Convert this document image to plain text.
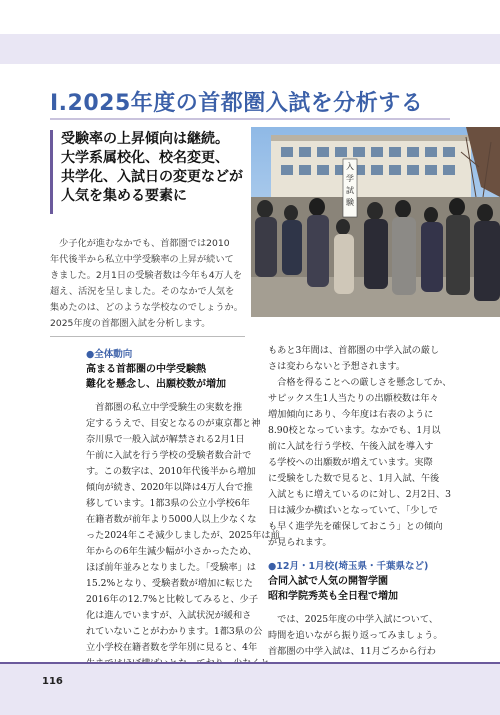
Ⅰ.2025年度の首都圏入試を分析する
受験率の上昇傾向は継続。
大学系属校化、校名変更、
共学化、入試日の変更などが
人気を集める要素に
　少子化が進むなかでも、首都圏では2010
年代後半から私立中学受験率の上昇が続いて
きました。2月1日の受験者数は今年も4万人を
超え、活況を呈しました。そのなかで人気を
集めたのは、どのような学校なのでしょうか。
2025年度の首都圏入試を分析します。
入
学
試
験
●全体動向
高まる首都圏の中学受験熱
難化を懸念し、出願校数が増加
　首都圏の私立中学受験生の実数を推
定するうえで、目安となるのが東京都と神
奈川県で一般入試が解禁される2月1日
午前に入試を行う学校の受験者数合計で
す。この数字は、2010年代後半から増加
傾向が続き、2020年以降は4万人台で推
移しています。1都3県の公立小学校6年
在籍者数が前年より5000人以上少なくな
った2024年こそ減少しましたが、2025年は前
年からの6年生減少幅が小さかったため、
ほぼ前年並みとなりました。「受験率」は
15.2%となり、受験者数が増加に転じた
2016年の12.7%と比較してみると、少子
化は進んでいますが、入試状況が緩和さ
れていないことがわかります。1都3県の公
立小学校在籍者数を学年別に見ると、4年
もあと3年間は、首都圏の中学入試の厳し
さは変わらないと予想されます。
　合格を得ることへの厳しさを懸念してか、
サピックス生1人当たりの出願校数は年々
増加傾向にあり、今年度は右表のように
8.90校となっています。なかでも、1月以
前に入試を行う学校、午後入試を導入す
る学校への出願数が増えています。実際
に受験をした数で見ると、1月入試、午後
入試ともに増えているのに対し、2月2日、3
日は減少か横ばいとなっていて、「少しで
も早く進学先を確保しておこう」との傾向
が見られます。
●12月・1月校(埼玉県・千葉県など)
合同入試で人気の開智学園
昭和学院秀英も全日程で増加
　では、2025年度の中学入試について、
時間を追いながら振り返ってみましょう。
首都圏の中学入試は、11月ごろから行わ
116
